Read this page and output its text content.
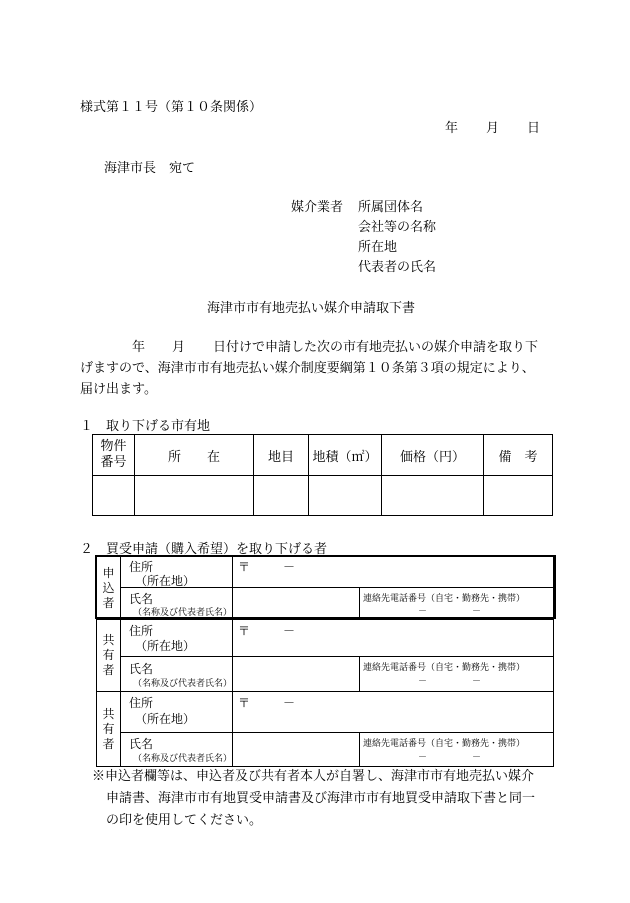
様式第１１号（第１０条関係）
年 月 日
海津市長　宛て
媒介業者 所属団体名
会社等の名称
所在地
代表者の氏名
海津市市有地売払い媒介申請取下書
年 月 日付けで申請した次の市有地売払いの媒介申請を取り下
げますので、海津市市有地売払い媒介制度要綱第１０条第３項の規定により、
届け出ます。
１　取り下げる市有地
物件
番号	所　　在	地目	地積（㎡）	価格（円）	備　考

２　買受申請（購入希望）を取り下げる者
申
込
者	住所
（所在地）	〒 －	

	氏名
（名称及び代表者氏名）		連絡先電話番号（自宅・勤務先・携帯）
－　　　　　－

共
有
者	住所
（所在地）	〒 －	

	氏名
（名称及び代表者氏名）		連絡先電話番号（自宅・勤務先・携帯）
－　　　　　－

共
有
者	住所
（所在地）	〒 －	

	氏名
（名称及び代表者氏名）		連絡先電話番号（自宅・勤務先・携帯）
－　　　　　－
※申込者欄等は、申込者及び共有者本人が自署し、海津市市有地売払い媒介
申請書、海津市市有地買受申請書及び海津市市有地買受申請取下書と同一
の印を使用してください。
